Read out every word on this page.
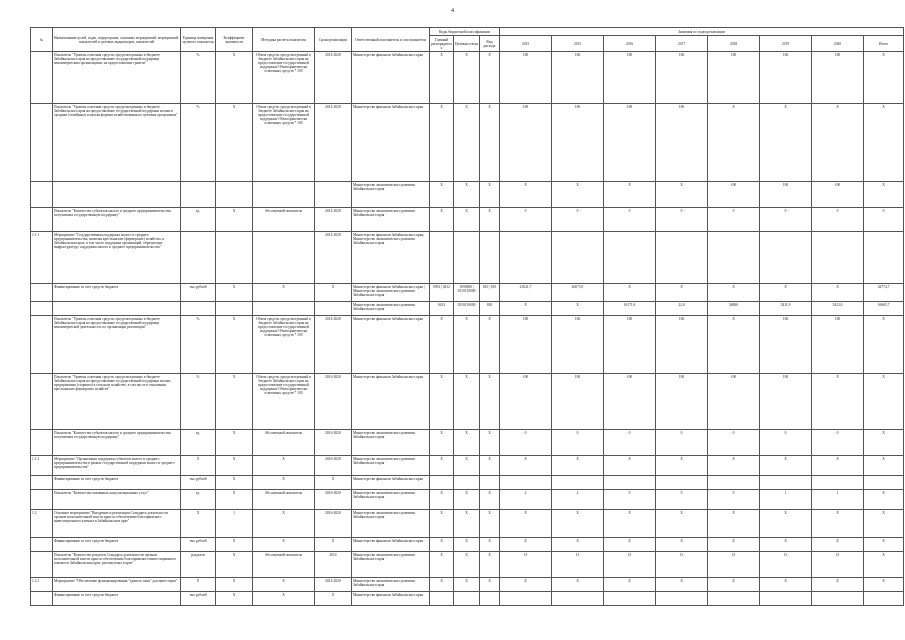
4
№	Наименование целей, задач, подпрограмм, основных мероприятий, мероприятий, показателей и целевых индикаторов, показателей	Единица измерения целевого показателя	Коэффициент значимости	Методика расчета показателя	Сроки реализации	Ответственный исполнитель и соисполнители	Коды бюджетной классификации			Значения по годам реализации							
							Главный распорядитель	Целевая статья	Вид расхода	2015	2015	2016	2017	2018	2019	2020	Итого
	Показатель "Уровень освоения средств, предусмотренных в бюджете Забайкальского края на предоставление государственной поддержки некоммерческим организациям, на предоставление грантов"	%	X	Объем средств, предусмотренный в бюджете Забайкальского края на предоставление государственной поддержки/ Объем фактически освоенных средств * 100	2014-2020	Министерство финансов Забайкальского края	X	X	X	100	100	100	100	100	100	100	X
	Показатель "Уровень освоения средств, предусмотренных в бюджете Забайкальского края на предоставление государственной поддержки малым и средним (семейным) и малым формам хозяйствования по целевым программам"	%	X	Объем средств, предусмотренный в бюджете Забайкальского края на предоставление государственной поддержки/ Объем фактически освоенных средств * 100	2014-2020	Министерство финансов Забайкальского края	X	X	X	100	100	100	100	X	X	X	X
						Министерство экономического развития Забайкальского края	X	X	X	X	X	X	X	100	100	100	X
	Показатель "Количество субъектов малого и среднего предпринимательства, получивших государственную поддержку"	ед.	X	Абсолютный показатель	2014-2020	Министерство экономического развития Забайкальского края	X	X	X	0	0	0	0	0	0	0	0
1.1.1	Мероприятие "Государственная поддержка малого и среднего предпринимательства, включая крестьянские (фермерские) хозяйства, в Забайкальском крае, в том числе поддержка организаций, образующих инфраструктуру поддержки малого и среднего предпринимательства"				2014-2020	Министерство финансов Забайкальского края; Министерство экономического развития Забайкальского края											
	Финансирование за счет средств бюджета	тыс.рублей	X	X	X	Министерство финансов Забайкальского края | Министерство экономического развития Забайкальского края	0933 | 0412	1690000 | 0310110000	810 | 810	21621,7	26073,9	X	X	X	X	X	42774,7
						Министерство экономического развития Забайкальского края	0412	0310110000	810	X	X	16171,6	22,0	36000	5411,9	5412,0	16665,7
	Показатель "Уровень освоения средств, предусмотренных в бюджете Забайкальского края на предоставление государственной поддержки некоммерческой деятельности, по организации реализации"	%	X	Объем средств, предусмотренный в бюджете Забайкальского края на предоставление государственной поддержки/ Объем фактически освоенных средств * 100	2014-2020	Министерство финансов Забайкальского края	X	X	X	100	100	100	100	X	100	100	X
	Показатель "Уровень освоения средств, предусмотренных в бюджете Забайкальского края на предоставление государственной поддержки малым предприятиям (старшим) в сельском хозяйстве, в том числе в отношении крестьянских фермерских хозяйств"	%	X	Объем средств, предусмотренный в бюджете Забайкальского края на предоставление государственной поддержки/ Объем фактически освоенных средств * 100	2014-2020	Министерство финансов Забайкальского края	X	X	X	100	100	100	100	100	100	X	X
	Показатель "Количество субъектов малого и среднего предпринимательства, получивших государственную поддержку"	ед.	X	Абсолютный показатель	2014-2020	Министерство экономического развития Забайкальского края	X	X	X	0	0	0	0	0	0	0	X
1.1.2	Мероприятие "Организация поддержки субъектов малого и среднего предпринимательства в рамках государственной поддержки малого и среднего предпринимательства"	X	X	X	2016-2020	Министерство экономического развития Забайкальского края	X	X	X	X	X	X	X	X	X	X	X
	Финансирование за счет средств бюджета	тыс.рублей	X	X	X	Министерство финансов Забайкальского края											
	Показатель "Количество оказанных консультационных услуг"	ед.	X	Абсолютный показатель	2016-2020	Министерство экономического развития Забайкальского края	X	X	X	2	2	0	0	0	1	1	X
1.2	Основное мероприятие "Внедрение и реализация Стандарта деятельности органов исполнительной власти края по обеспечению благоприятного инвестиционного климата в Забайкальском крае"	X	1	X	2016-2020	Министерство экономического развития Забайкальского края	X	X	X	X	X	X	X	X	X	X	X
	Финансирование за счет средств бюджета	тыс.рублей	X	X	X	Министерство финансов Забайкальского края	X	X	X	X	X	X	X	X	X	X	X
	Показатель "Количество разделов Стандарта деятельности органов исполнительной власти края по обеспечению благоприятного инвестиционного климата в Забайкальском крае, реализуемых в крае"	разделов	X	Абсолютный показатель	2014	Министерство экономического развития Забайкальского края	X	X	X	13	13	15	15	15	15	15	X
1.2.1	Мероприятие "Обеспечение функционирования "единого окна" для инвесторов"	X	X	X	2014-2020	Министерство экономического развития Забайкальского края	X	X	X	X	X	X	X	X	X	X	X
	Финансирование за счет средств бюджета	тыс.рублей	X	X	X	Министерство финансов Забайкальского края											
